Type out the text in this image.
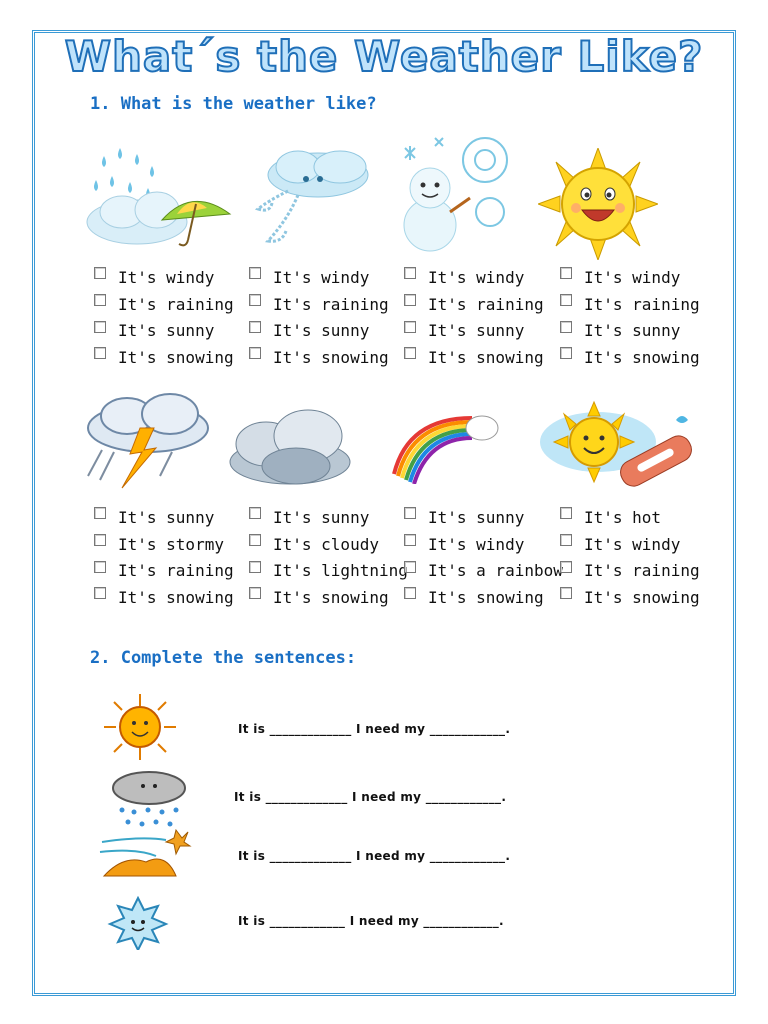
What´s the Weather Like?
1. What is the weather like?
It's windy
It's raining
It's sunny
It's snowing
It's windy
It's raining
It's sunny
It's snowing
It's windy
It's raining
It's sunny
It's snowing
It's windy
It's raining
It's sunny
It's snowing
It's sunny
It's stormy
It's raining
It's snowing
It's sunny
It's cloudy
It's lightning
It's snowing
It's sunny
It's windy
It's a rainbow
It's snowing
It's hot
It's windy
It's raining
It's snowing
2. Complete the sentences:
It is _____________ I need my ____________.
It is _____________ I need my ____________.
It is _____________ I need my ____________.
It is ____________ I need my ____________.
